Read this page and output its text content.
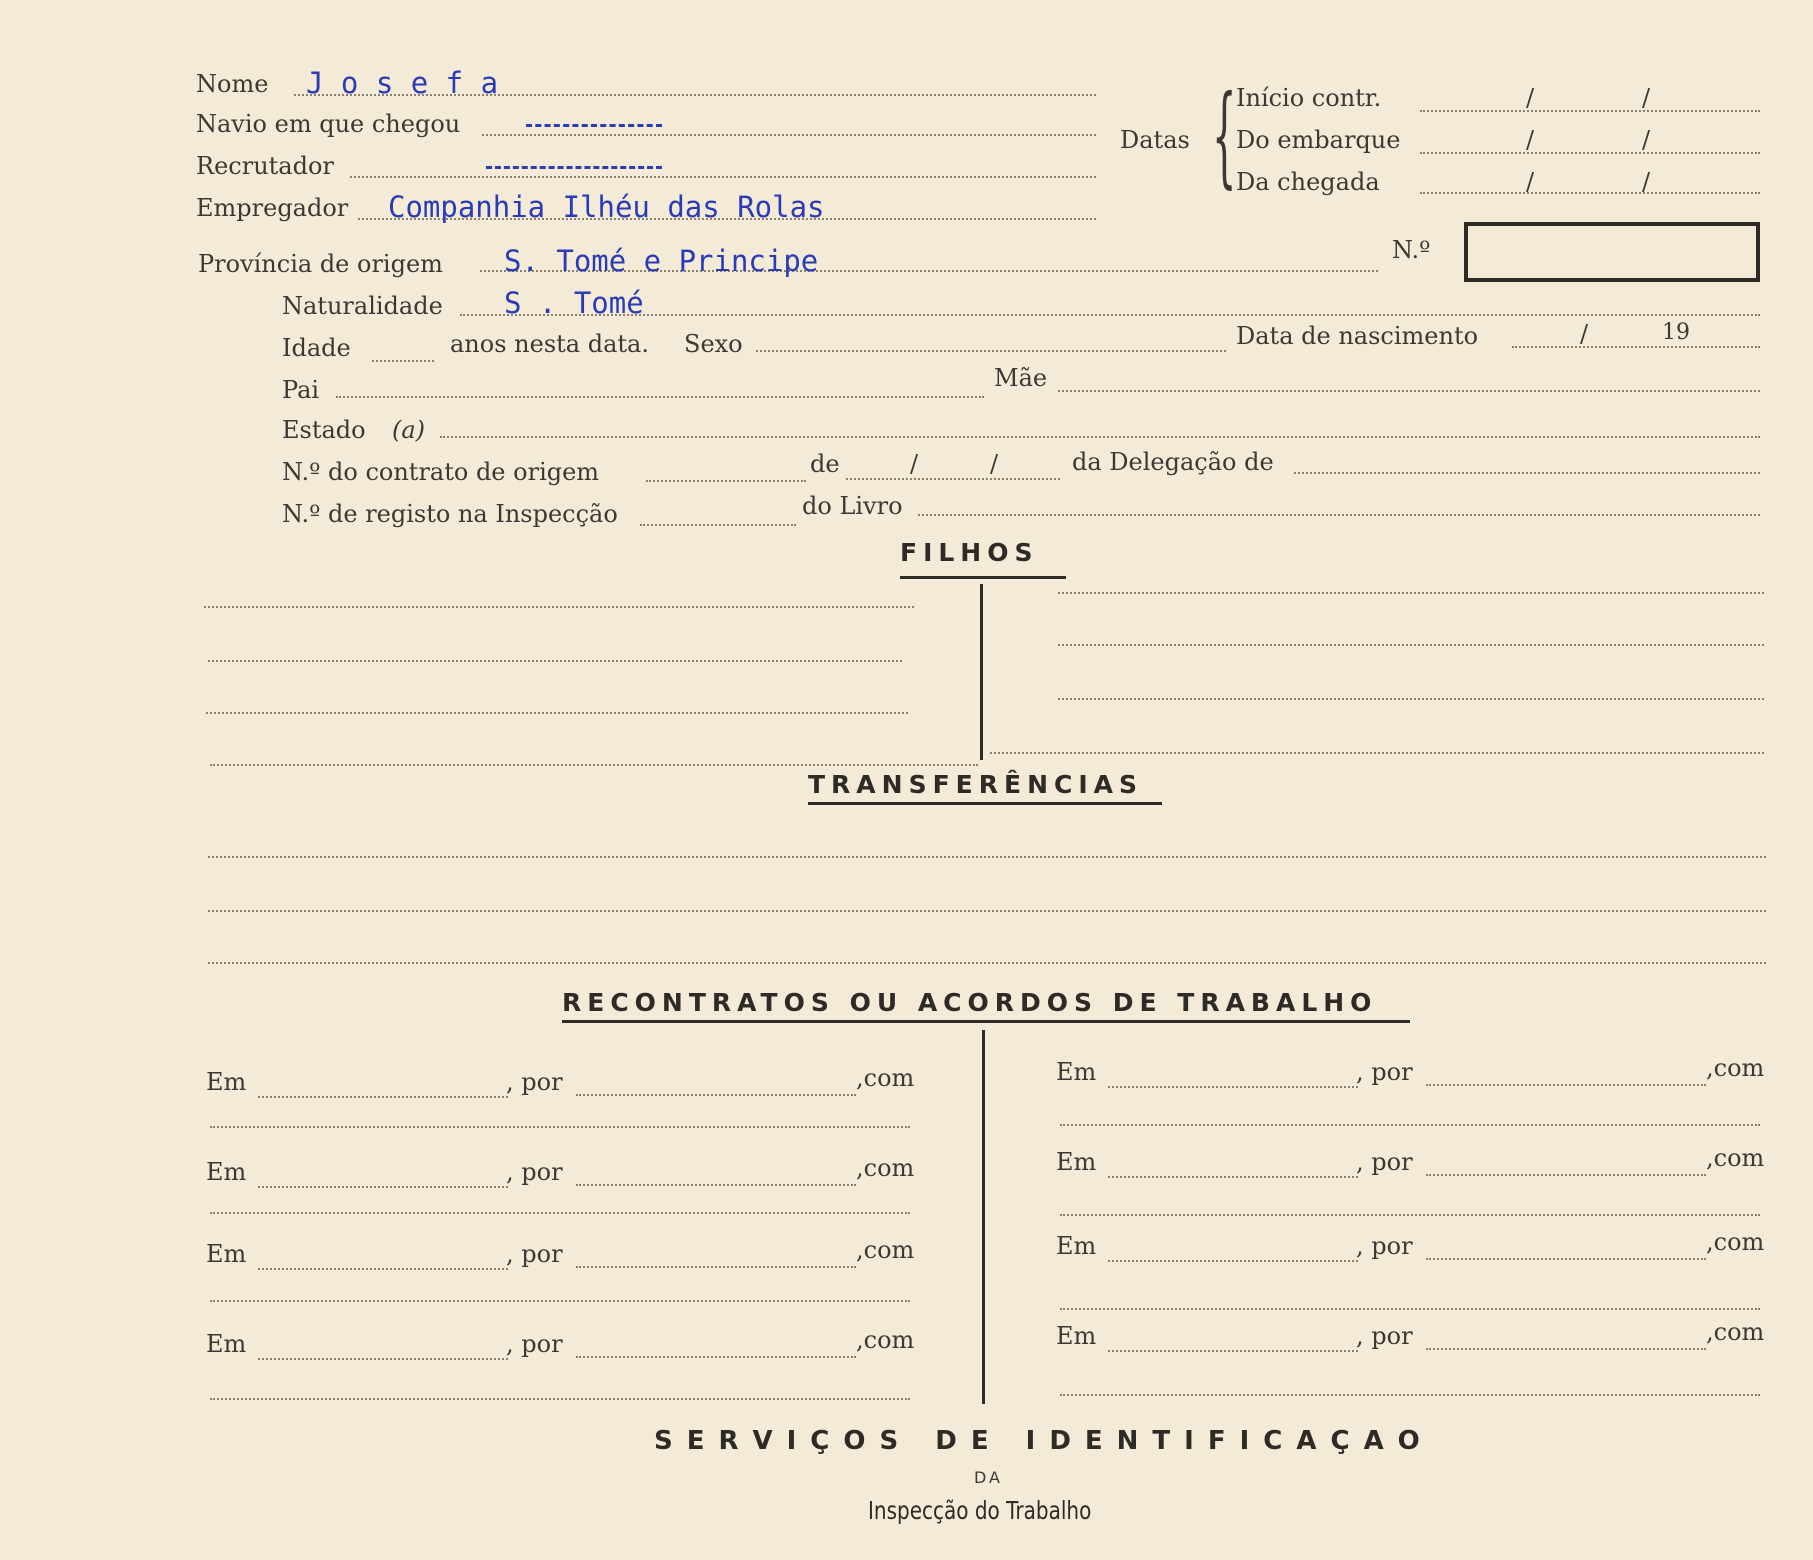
Nome J o s e f a
Navio em que chegou
Recrutador
Empregador Companhia Ilhéu das Rolas
Datas { Início contr.	/	/
Do embarque	/	/
Da chegada	/	/
Província de origem S. Tomé e Principe	N.º
Naturalidade S . Tomé
Idade	anos nesta data. Sexo	Data de nascimento	/	19
Pai	Mãe
Estado (a)
N.º do contrato de origem	de	/	/	da Delegação de
N.º de registo na Inspecção	do Livro
FILHOS
TRANSFERÊNCIAS
RECONTRATOS OU ACORDOS DE TRABALHO
Em	, por	,com
Em	, por	,com
Em	, por	,com
Em	, por	,com
Em	, por	,com
Em	, por	,com
Em	, por	,com
Em	, por	,com
SERVIÇOS DE IDENTIFICAÇAO
DA
Inspecção do Trabalho
